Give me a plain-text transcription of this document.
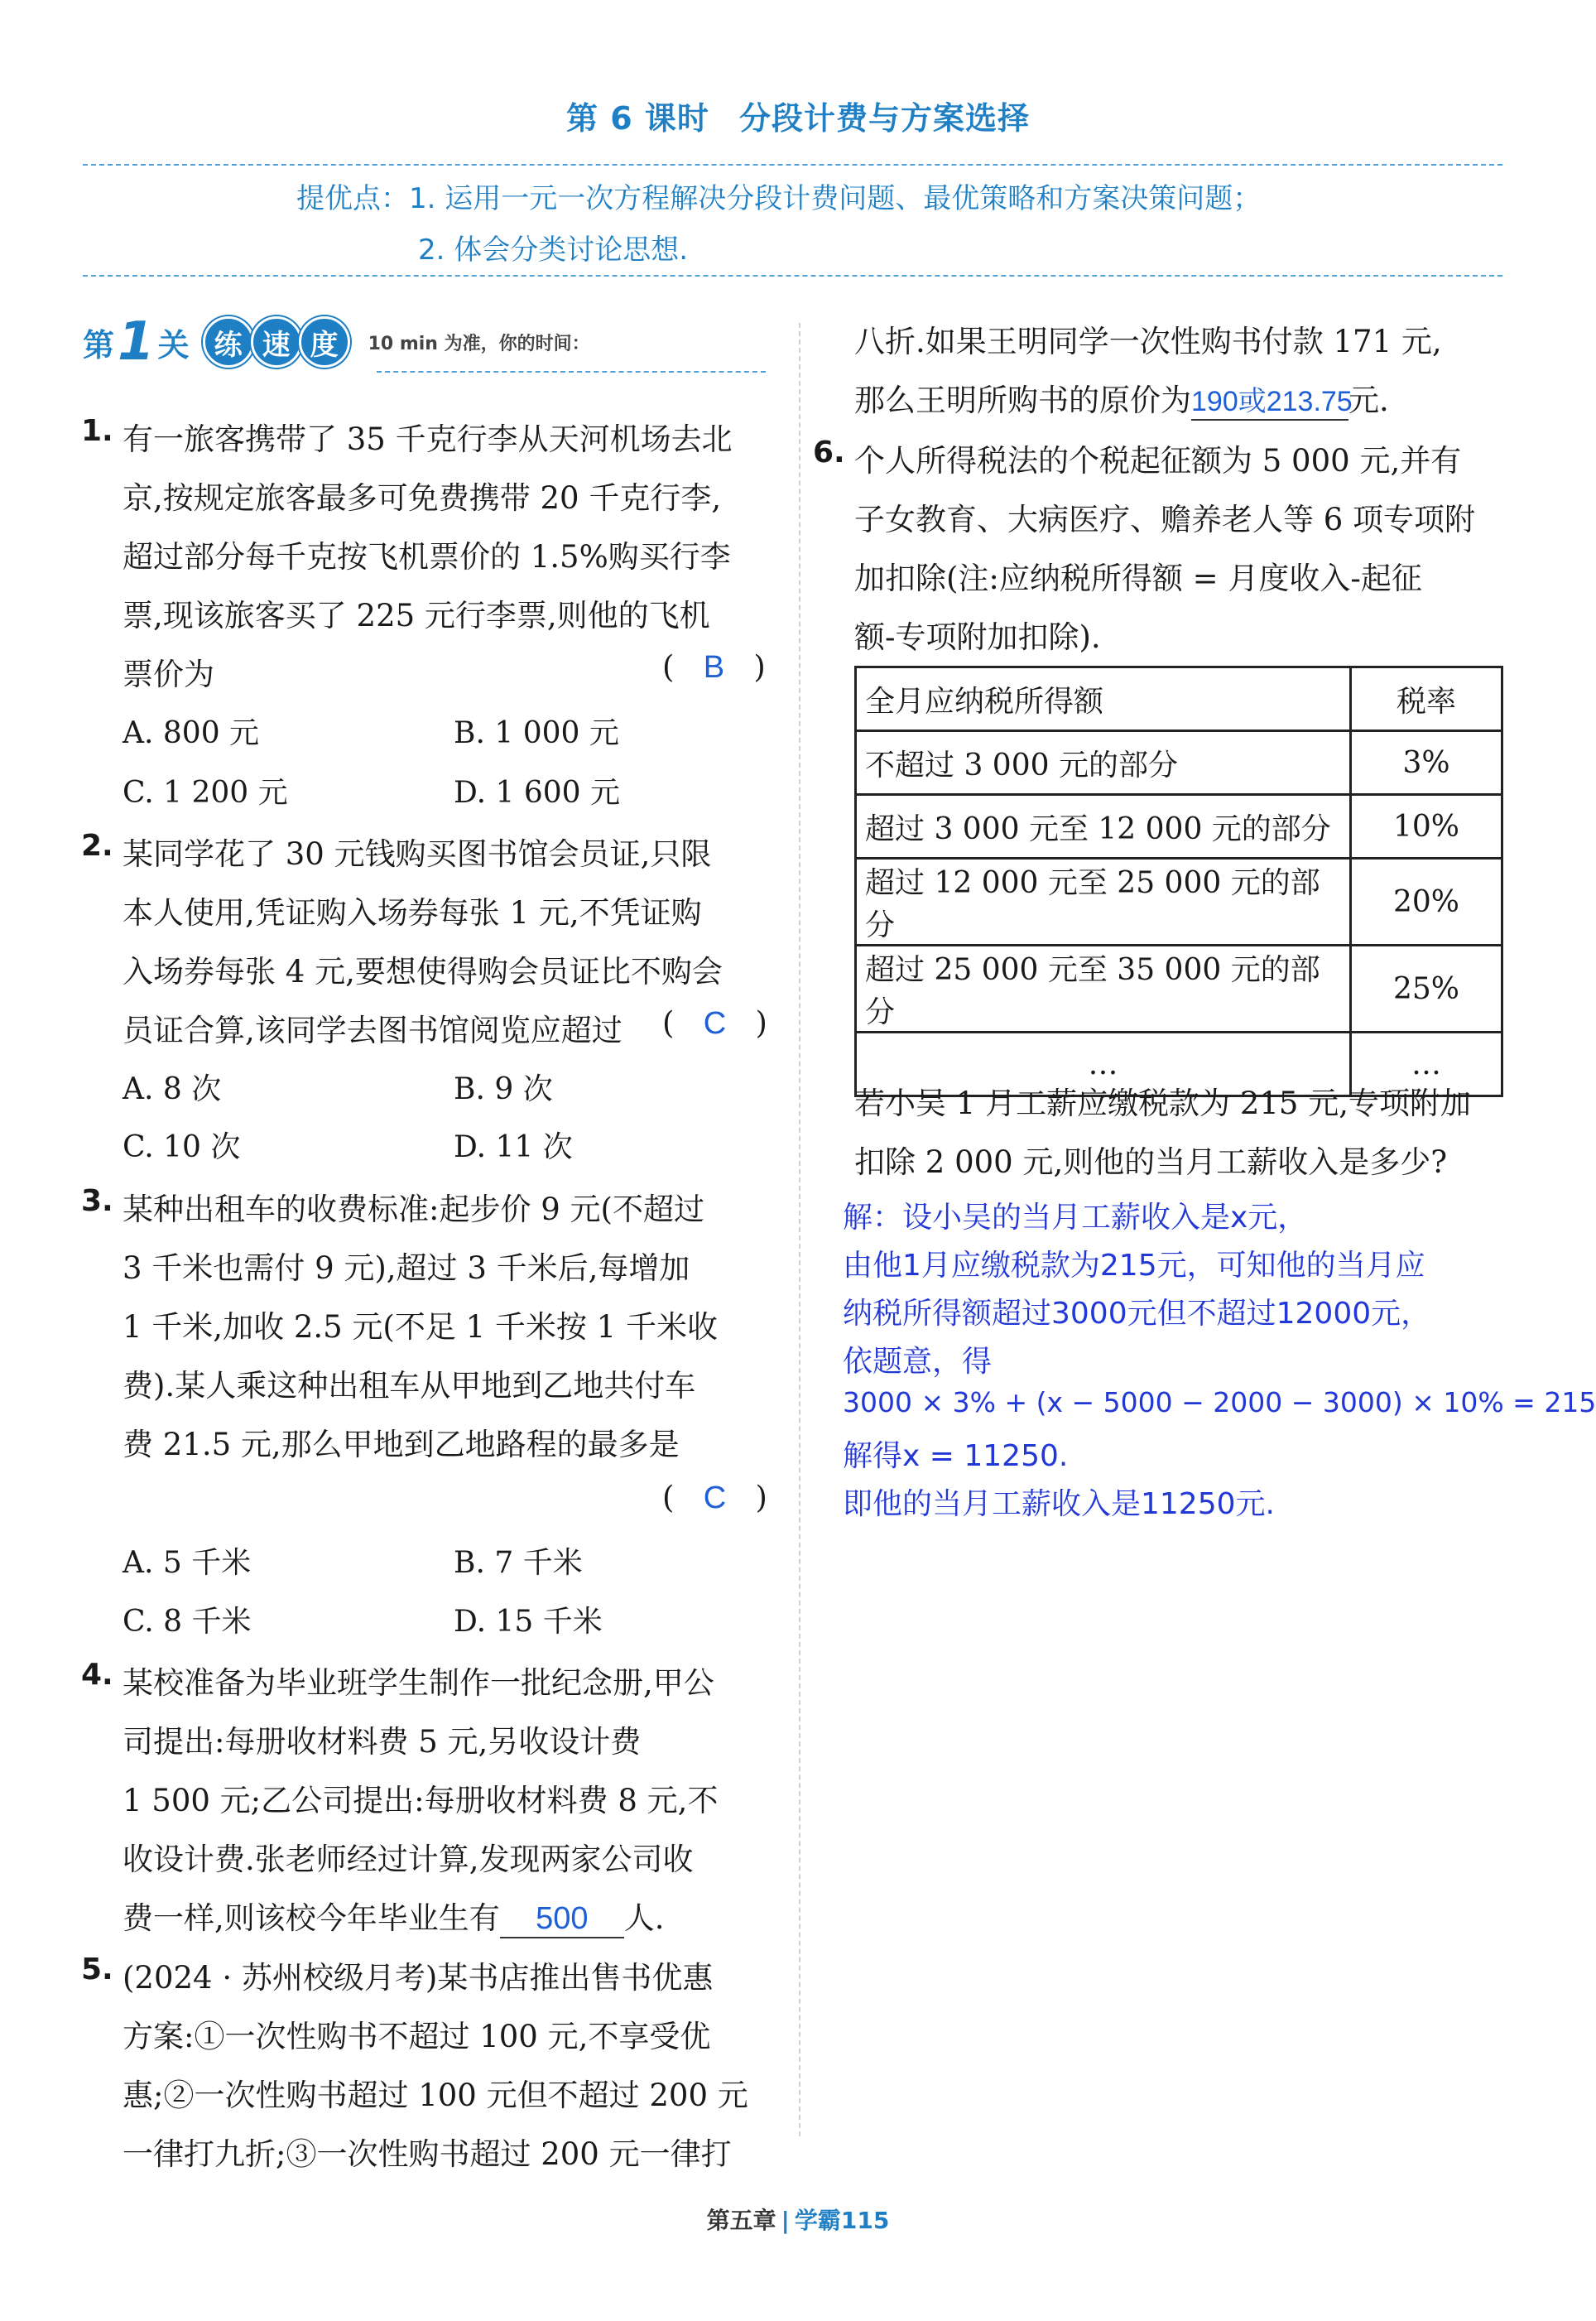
第 6 课时 分段计费与方案选择
提优点：1. 运用一元一次方程解决分段计费问题、最优策略和方案决策问题；
2. 体会分类讨论思想.
第 1 关 练 速 度	10 min 为准，你的时间：
1. 有一旅客携带了 35 千克行李从天河机场去北
京,按规定旅客最多可免费携带 20 千克行李,
超过部分每千克按飞机票价的 1.5%购买行李
票,现该旅客买了 225 元行李票,则他的飞机
票价为	(   B   )
A. 800 元	B. 1 000 元
C. 1 200 元	D. 1 600 元
2. 某同学花了 30 元钱购买图书馆会员证,只限
本人使用,凭证购入场券每张 1 元,不凭证购
入场券每张 4 元,要想使得购会员证比不购会
员证合算,该同学去图书馆阅览应超过 (   C   )
A. 8 次	B. 9 次
C. 10 次	D. 11 次
3. 某种出租车的收费标准:起步价 9 元(不超过
3 千米也需付 9 元),超过 3 千米后,每增加
1 千米,加收 2.5 元(不足 1 千米按 1 千米收
费).某人乘这种出租车从甲地到乙地共付车
费 21.5 元,那么甲地到乙地路程的最多是
(   C   )
A. 5 千米	B. 7 千米
C. 8 千米	D. 15 千米
4. 某校准备为毕业班学生制作一批纪念册,甲公
司提出:每册收材料费 5 元,另收设计费
1 500 元;乙公司提出:每册收材料费 8 元,不
收设计费.张老师经过计算,发现两家公司收
费一样,则该校今年毕业生有 500 人.
5. (2024 · 苏州校级月考)某书店推出售书优惠
方案:①一次性购书不超过 100 元,不享受优
惠;②一次性购书超过 100 元但不超过 200 元
一律打九折;③一次性购书超过 200 元一律打
八折.如果王明同学一次性购书付款 171 元,
那么王明所购书的原价为190或213.75元.
6. 个人所得税法的个税起征额为 5 000 元,并有
子女教育、大病医疗、赡养老人等 6 项专项附
加扣除(注:应纳税所得额 = 月度收入-起征
额-专项附加扣除).
全月应纳税所得额	税率
不超过 3 000 元的部分	3%
超过 3 000 元至 12 000 元的部分	10%
超过 12 000 元至 25 000 元的部分	20%
超过 25 000 元至 35 000 元的部分	25%
…	…
若小吴 1 月工薪应缴税款为 215 元,专项附加
扣除 2 000 元,则他的当月工薪收入是多少?
解：设小吴的当月工薪收入是x元，
由他1月应缴税款为215元，可知他的当月应
纳税所得额超过3000元但不超过12000元，
依题意，得
3000 × 3% + (x − 5000 − 2000 − 3000) × 10% = 215
解得x = 11250.
即他的当月工薪收入是11250元.
第五章 | 学霸115
